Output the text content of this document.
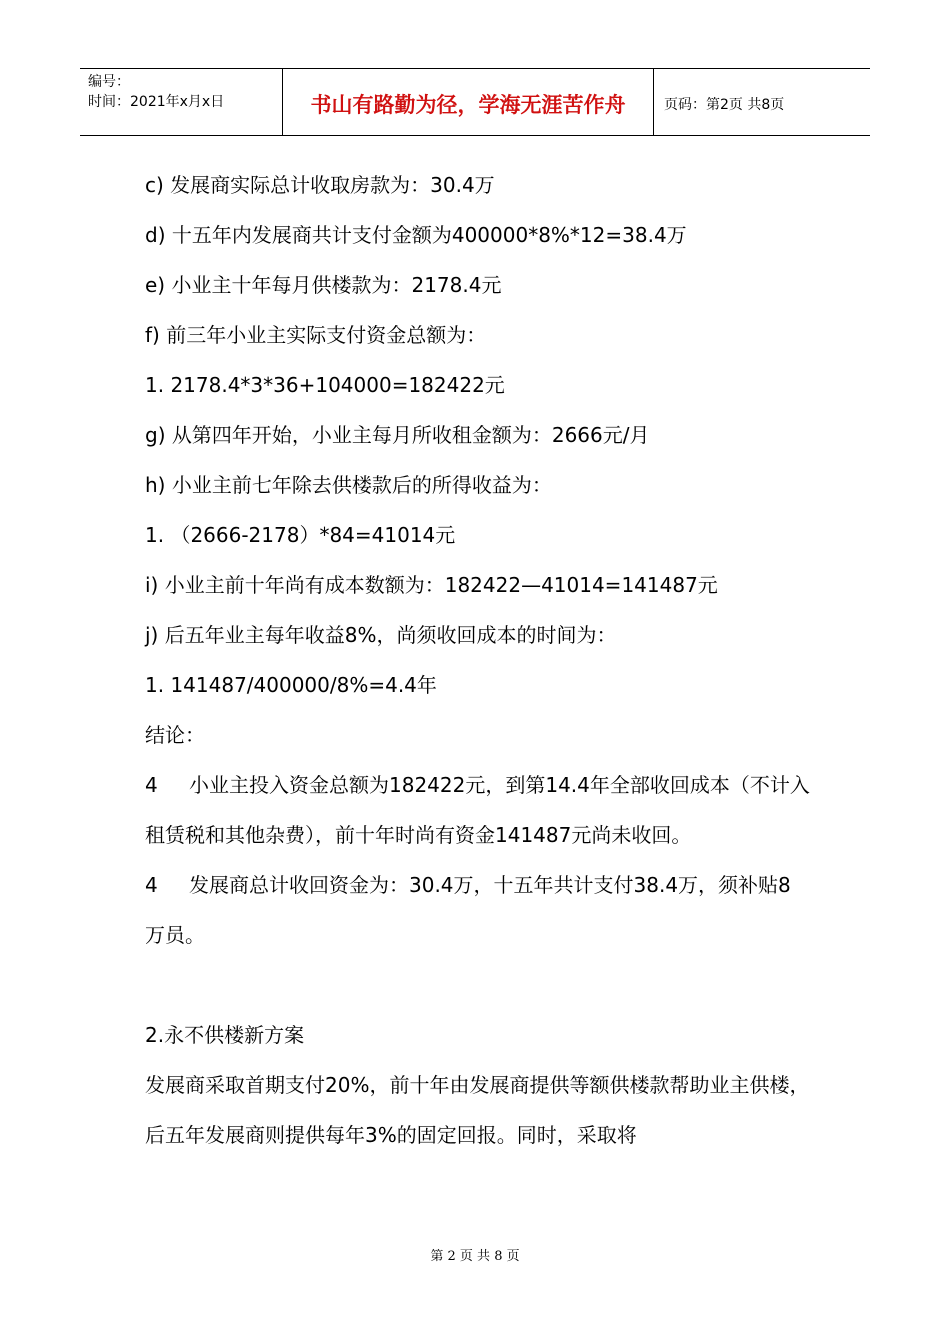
编号：
时间：2021年x月x日	书山有路勤为径，学海无涯苦作舟	页码：第2页 共8页

c) 发展商实际总计收取房款为：30.4万

d) 十五年内发展商共计支付金额为400000*8%*12=38.4万

e) 小业主十年每月供楼款为：2178.4元

f) 前三年小业主实际支付资金总额为：

1. 2178.4*3*36+104000=182422元

g) 从第四年开始，小业主每月所收租金额为：2666元/月

h) 小业主前七年除去供楼款后的所得收益为：

1. （2666-2178）*84=41014元

i) 小业主前十年尚有成本数额为：182422—41014=141487元

j) 后五年业主每年收益8%，尚须收回成本的时间为：

1. 141487/400000/8%=4.4年

结论：

4 小业主投入资金总额为182422元，到第14.4年全部收回成本（不计入租赁税和其他杂费），前十年时尚有资金141487元尚未收回。

4 发展商总计收回资金为：30.4万，十五年共计支付38.4万，须补贴8万员。

2.永不供楼新方案

发展商采取首期支付20%，前十年由发展商提供等额供楼款帮助业主供楼，后五年发展商则提供每年3%的固定回报。同时，采取将

第 2 页 共 8 页
